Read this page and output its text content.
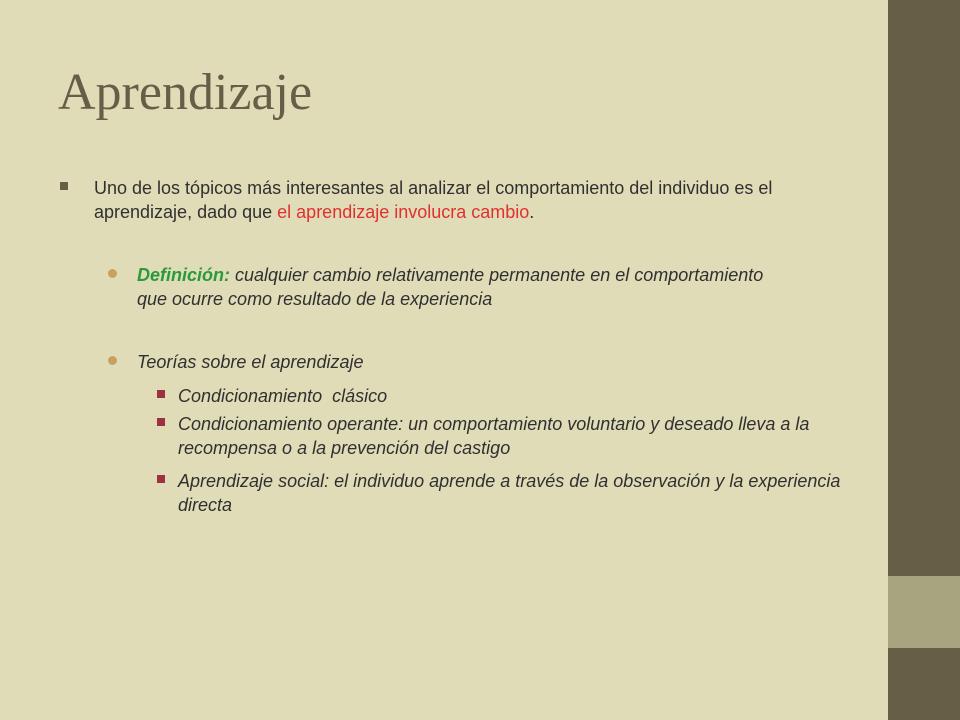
Aprendizaje
Uno de los tópicos más interesantes al analizar el comportamiento del individuo es el aprendizaje, dado que el aprendizaje involucra cambio.
Definición: cualquier cambio relativamente permanente en el comportamiento que ocurre como resultado de la experiencia
Teorías sobre el aprendizaje
Condicionamiento  clásico
Condicionamiento operante: un comportamiento voluntario y deseado lleva a la recompensa o a la prevención del castigo
Aprendizaje social: el individuo aprende a través de la observación y la experiencia directa
